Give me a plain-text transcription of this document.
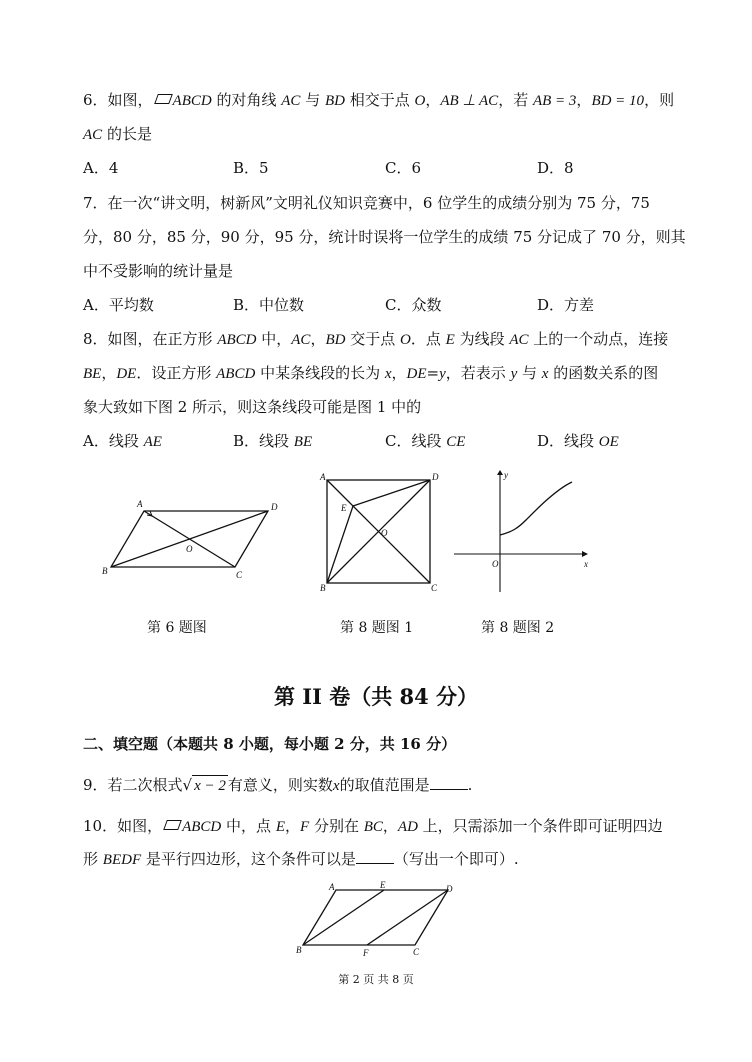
6．如图， ABCD 的对角线 AC 与 BD 相交于点 O，AB ⊥ AC，若 AB = 3，BD = 10，则
AC 的长是
A．4	B．5	C．6	D．8
7．在一次“讲文明，树新风”文明礼仪知识竞赛中，6 位学生的成绩分别为 75 分，75
分，80 分，85 分，90 分，95 分，统计时误将一位学生的成绩 75 分记成了 70 分，则其
中不受影响的统计量是
A．平均数	B．中位数	C．众数	D．方差
8．如图，在正方形 ABCD 中，AC，BD 交于点 O．点 E 为线段 AC 上的一个动点，连接
BE，DE．设正方形 ABCD 中某条线段的长为 x，DE=y，若表示 y 与 x 的函数关系的图
象大致如下图 2 所示，则这条线段可能是图 1 中的
A．线段 AE	B．线段 BE	C．线段 CE	D．线段 OE
A	D
B	C
O
A	D
B	C
E
O
y
x
O
第 6 题图	第 8 题图 1	第 8 题图 2
第 II 卷（共 84 分）
二、填空题（本题共 8 小题，每小题 2 分，共 16 分）
9．若二次根式√ x − 2 有意义，则实数x的取值范围是	.
10．如图， ABCD 中，点 E，F 分别在 BC，AD 上，只需添加一个条件即可证明四边
形 BEDF 是平行四边形，这个条件可以是	（写出一个即可）.
A	E	D
B	F	C
第 2 页 共 8 页
